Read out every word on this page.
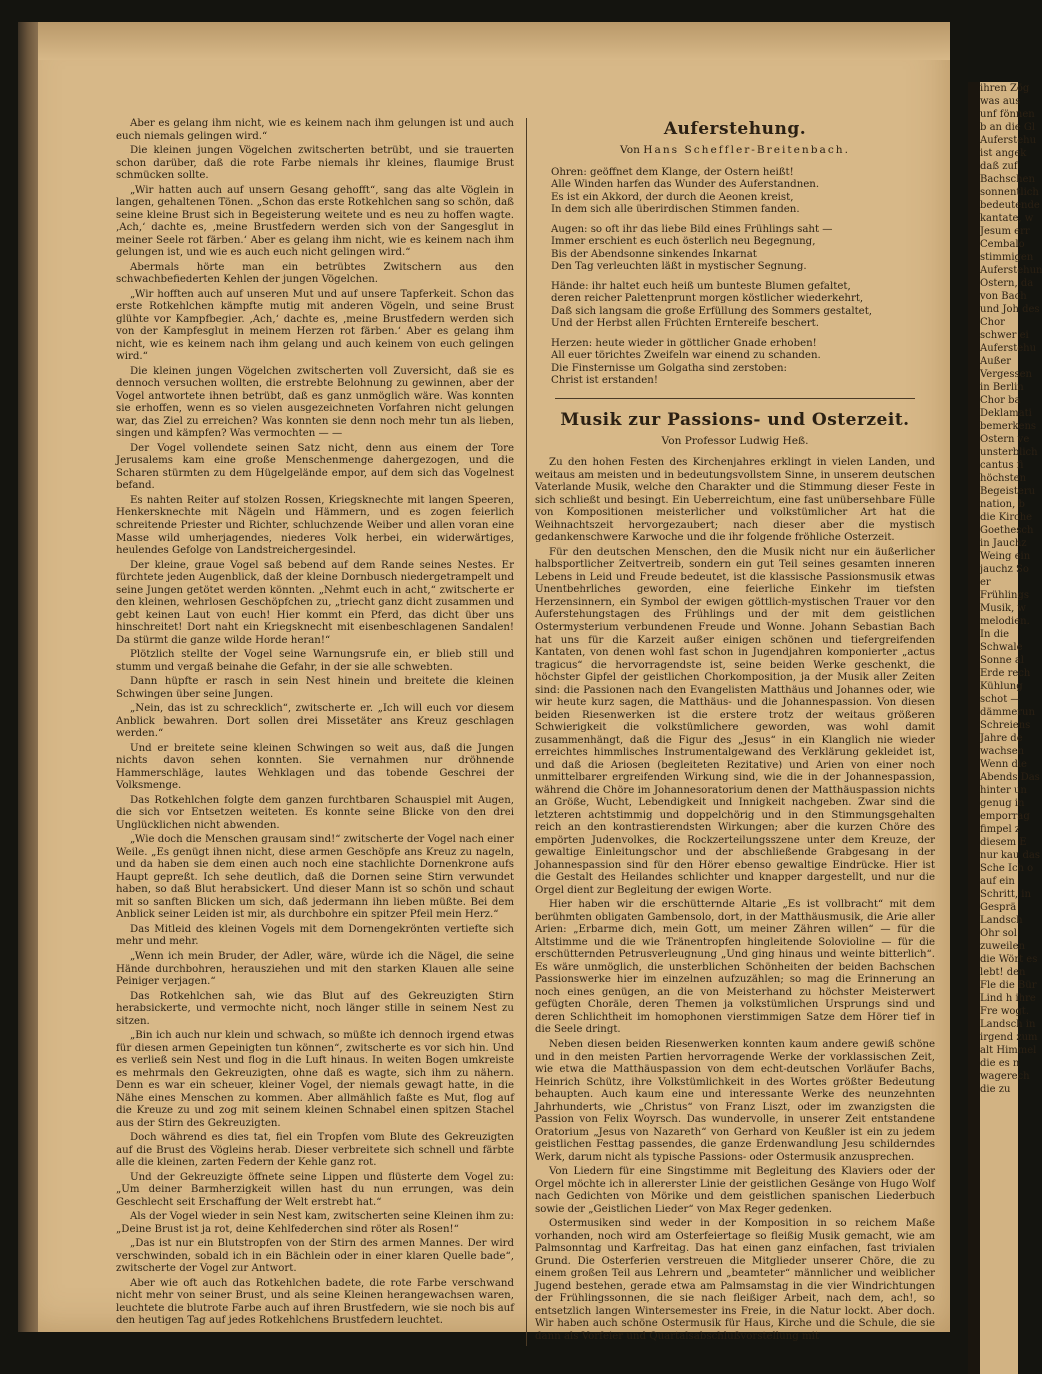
Aber es gelang ihm nicht, wie es keinem nach ihm gelungen ist und auch euch niemals gelingen wird.“

Die kleinen jungen Vögelchen zwitscherten betrübt, und sie trauerten schon darüber, daß die rote Farbe niemals ihr kleines, flaumige Brust schmücken sollte.

„Wir hatten auch auf unsern Gesang gehofft“, sang das alte Vöglein in langen, gehaltenen Tönen. „Schon das erste Rotkehlchen sang so schön, daß seine kleine Brust sich in Begeisterung weitete und es neu zu hoffen wagte. ‚Ach,‘ dachte es, ‚meine Brustfedern werden sich von der Sangesglut in meiner Seele rot färben.‘ Aber es gelang ihm nicht, wie es keinem nach ihm gelungen ist, und wie es auch euch nicht gelingen wird.“

Abermals hörte man ein betrübtes Zwitschern aus den schwachbefiederten Kehlen der jungen Vögelchen.

„Wir hofften auch auf unseren Mut und auf unsere Tapferkeit. Schon das erste Rotkehlchen kämpfte mutig mit anderen Vögeln, und seine Brust glühte vor Kampfbegier. ‚Ach,‘ dachte es, ‚meine Brustfedern werden sich von der Kampfesglut in meinem Herzen rot färben.‘ Aber es gelang ihm nicht, wie es keinem nach ihm gelang und auch keinem von euch gelingen wird.“

Die kleinen jungen Vögelchen zwitscherten voll Zuversicht, daß sie es dennoch versuchen wollten, die erstrebte Belohnung zu gewinnen, aber der Vogel antwortete ihnen betrübt, daß es ganz unmöglich wäre. Was konnten sie erhoffen, wenn es so vielen ausgezeichneten Vorfahren nicht gelungen war, das Ziel zu erreichen? Was konnten sie denn noch mehr tun als lieben, singen und kämpfen? Was vermochten — —

Der Vogel vollendete seinen Satz nicht, denn aus einem der Tore Jerusalems kam eine große Menschenmenge dahergezogen, und die Scharen stürmten zu dem Hügelgelände empor, auf dem sich das Vogelnest befand.

Es nahten Reiter auf stolzen Rossen, Kriegsknechte mit langen Speeren, Henkersknechte mit Nägeln und Hämmern, und es zogen feierlich schreitende Priester und Richter, schluchzende Weiber und allen voran eine Masse wild umherjagendes, niederes Volk herbei, ein widerwärtiges, heulendes Gefolge von Landstreichergesindel.

Der kleine, graue Vogel saß bebend auf dem Rande seines Nestes. Er fürchtete jeden Augenblick, daß der kleine Dornbusch niedergetrampelt und seine Jungen getötet werden könnten. „Nehmt euch in acht,“ zwitscherte er den kleinen, wehrlosen Geschöpfchen zu, „triecht ganz dicht zusammen und gebt keinen Laut von euch! Hier kommt ein Pferd, das dicht über uns hinschreitet! Dort naht ein Kriegsknecht mit eisenbeschlagenen Sandalen! Da stürmt die ganze wilde Horde heran!“

Plötzlich stellte der Vogel seine Warnungsrufe ein, er blieb still und stumm und vergaß beinahe die Gefahr, in der sie alle schwebten.

Dann hüpfte er rasch in sein Nest hinein und breitete die kleinen Schwingen über seine Jungen.

„Nein, das ist zu schrecklich“, zwitscherte er. „Ich will euch vor diesem Anblick bewahren. Dort sollen drei Missetäter ans Kreuz geschlagen werden.“

Und er breitete seine kleinen Schwingen so weit aus, daß die Jungen nichts davon sehen konnten. Sie vernahmen nur dröhnende Hammerschläge, lautes Wehklagen und das tobende Geschrei der Volksmenge.

Das Rotkehlchen folgte dem ganzen furchtbaren Schauspiel mit Augen, die sich vor Entsetzen weiteten. Es konnte seine Blicke von den drei Unglücklichen nicht abwenden.

„Wie doch die Menschen grausam sind!“ zwitscherte der Vogel nach einer Weile. „Es genügt ihnen nicht, diese armen Geschöpfe ans Kreuz zu nageln, und da haben sie dem einen auch noch eine stachlichte Dornenkrone aufs Haupt gepreßt. Ich sehe deutlich, daß die Dornen seine Stirn verwundet haben, so daß Blut herabsickert. Und dieser Mann ist so schön und schaut mit so sanften Blicken um sich, daß jedermann ihn lieben müßte. Bei dem Anblick seiner Leiden ist mir, als durchbohre ein spitzer Pfeil mein Herz.“

Das Mitleid des kleinen Vogels mit dem Dornengekrönten vertiefte sich mehr und mehr.

„Wenn ich mein Bruder, der Adler, wäre, würde ich die Nägel, die seine Hände durchbohren, herausziehen und mit den starken Klauen alle seine Peiniger verjagen.“

Das Rotkehlchen sah, wie das Blut auf des Gekreuzigten Stirn herabsickerte, und vermochte nicht, noch länger stille in seinem Nest zu sitzen.

„Bin ich auch nur klein und schwach, so müßte ich dennoch irgend etwas für diesen armen Gepeinigten tun können“, zwitscherte es vor sich hin. Und es verließ sein Nest und flog in die Luft hinaus. In weiten Bogen umkreiste es mehrmals den Gekreuzigten, ohne daß es wagte, sich ihm zu nähern. Denn es war ein scheuer, kleiner Vogel, der niemals gewagt hatte, in die Nähe eines Menschen zu kommen. Aber allmählich faßte es Mut, flog auf die Kreuze zu und zog mit seinem kleinen Schnabel einen spitzen Stachel aus der Stirn des Gekreuzigten.

Doch während es dies tat, fiel ein Tropfen vom Blute des Gekreuzigten auf die Brust des Vögleins herab. Dieser verbreitete sich schnell und färbte alle die kleinen, zarten Federn der Kehle ganz rot.

Und der Gekreuzigte öffnete seine Lippen und flüsterte dem Vogel zu: „Um deiner Barmherzigkeit willen hast du nun errungen, was dein Geschlecht seit Erschaffung der Welt erstrebt hat.“

Als der Vogel wieder in sein Nest kam, zwitscherten seine Kleinen ihm zu: „Deine Brust ist ja rot, deine Kehlfederchen sind röter als Rosen!“

„Das ist nur ein Blutstropfen von der Stirn des armen Mannes. Der wird verschwinden, sobald ich in ein Bächlein oder in einer klaren Quelle bade“, zwitscherte der Vogel zur Antwort.

Aber wie oft auch das Rotkehlchen badete, die rote Farbe verschwand nicht mehr von seiner Brust, und als seine Kleinen herangewachsen waren, leuchtete die blutrote Farbe auch auf ihren Brustfedern, wie sie noch bis auf den heutigen Tag auf jedes Rotkehlchens Brustfedern leuchtet.

Auferstehung.
Von Hans Scheffler-Breitenbach.
Ohren: geöffnet dem Klange, der Ostern heißt!
Alle Winden harfen das Wunder des Auferstandnen.
Es ist ein Akkord, der durch die Aeonen kreist,
In dem sich alle überirdischen Stimmen fanden.
Augen: so oft ihr das liebe Bild eines Frühlings saht —
Immer erschient es euch österlich neu Begegnung,
Bis der Abendsonne sinkendes Inkarnat
Den Tag verleuchten läßt in mystischer Segnung.
Hände: ihr haltet euch heiß um bunteste Blumen gefaltet,
deren reicher Palettenprunt morgen köstlicher wiederkehrt,
Daß sich langsam die große Erfüllung des Sommers gestaltet,
Und der Herbst allen Früchten Erntereife beschert.
Herzen: heute wieder in göttlicher Gnade erhoben!
All euer törichtes Zweifeln war einend zu schanden.
Die Finsternisse um Golgatha sind zerstoben:
Christ ist erstanden!
Musik zur Passions- und Osterzeit.
Von Professor Ludwig Heß.

Zu den hohen Festen des Kirchenjahres erklingt in vielen Landen, und weitaus am meisten und in bedeutungsvollstem Sinne, in unserem deutschen Vaterlande Musik, welche den Charakter und die Stimmung dieser Feste in sich schließt und besingt. Ein Ueberreichtum, eine fast unübersehbare Fülle von Kompositionen meisterlicher und volkstümlicher Art hat die Weihnachtszeit hervorgezaubert; nach dieser aber die mystisch gedankenschwere Karwoche und die ihr folgende fröhliche Osterzeit.

Für den deutschen Menschen, den die Musik nicht nur ein äußerlicher halbsportlicher Zeitvertreib, sondern ein gut Teil seines gesamten inneren Lebens in Leid und Freude bedeutet, ist die klassische Passionsmusik etwas Unentbehrliches geworden, eine feierliche Einkehr im tiefsten Herzensinnern, ein Symbol der ewigen göttlich-mystischen Trauer vor den Auferstehungstagen des Frühlings und der mit dem geistlichen Ostermysterium verbundenen Freude und Wonne. Johann Sebastian Bach hat uns für die Karzeit außer einigen schönen und tiefergreifenden Kantaten, von denen wohl fast schon in Jugendjahren komponierter „actus tragicus“ die hervorragendste ist, seine beiden Werke geschenkt, die höchster Gipfel der geistlichen Chorkomposition, ja der Musik aller Zeiten sind: die Passionen nach den Evangelisten Matthäus und Johannes oder, wie wir heute kurz sagen, die Matthäus- und die Johannespassion. Von diesen beiden Riesenwerken ist die erstere trotz der weitaus größeren Schwierigkeit die volkstümlichere geworden, was wohl damit zusammenhängt, daß die Figur des „Jesus“ in ein Klanglich nie wieder erreichtes himmlisches Instrumentalgewand des Verklärung gekleidet ist, und daß die Ariosen (begleiteten Rezitative) und Arien von einer noch unmittelbarer ergreifenden Wirkung sind, wie die in der Johannespassion, während die Chöre im Johannesoratorium denen der Matthäuspassion nichts an Größe, Wucht, Lebendigkeit und Innigkeit nachgeben. Zwar sind die letzteren achtstimmig und doppelchörig und in den Stimmungsgehalten reich an den kontrastierendsten Wirkungen; aber die kurzen Chöre des empörten Judenvolkes, die Rockzerteilungsszene unter dem Kreuze, der gewaltige Einleitungschor und der abschließende Grabgesang in der Johannespassion sind für den Hörer ebenso gewaltige Eindrücke. Hier ist die Gestalt des Heilandes schlichter und knapper dargestellt, und nur die Orgel dient zur Begleitung der ewigen Worte.

Hier haben wir die erschütternde Altarie „Es ist vollbracht“ mit dem berühmten obligaten Gambensolo, dort, in der Matthäusmusik, die Arie aller Arien: „Erbarme dich, mein Gott, um meiner Zähren willen“ — für die Altstimme und die wie Tränentropfen hingleitende Solovioline — für die erschütternden Petrusverleugnung „Und ging hinaus und weinte bitterlich“. Es wäre unmöglich, die unsterblichen Schönheiten der beiden Bachschen Passionswerke hier im einzelnen aufzuzählen; so mag die Erinnerung an noch eines genügen, an die von Meisterhand zu höchster Meisterwert gefügten Choräle, deren Themen ja volkstümlichen Ursprungs sind und deren Schlichtheit im homophonen vierstimmigen Satze dem Hörer tief in die Seele dringt.

Neben diesen beiden Riesenwerken konnten kaum andere gewiß schöne und in den meisten Partien hervorragende Werke der vorklassischen Zeit, wie etwa die Matthäuspassion von dem echt-deutschen Vorläufer Bachs, Heinrich Schütz, ihre Volkstümlichkeit in des Wortes größter Bedeutung behaupten. Auch kaum eine und interessante Werke des neunzehnten Jahrhunderts, wie „Christus“ von Franz Liszt, oder im zwanzigsten die Passion von Felix Woyrsch. Das wundervolle, in unserer Zeit entstandene Oratorium „Jesus von Nazareth“ von Gerhard von Keußler ist ein zu jedem geistlichen Festtag passendes, die ganze Erdenwandlung Jesu schilderndes Werk, darum nicht als typische Passions- oder Ostermusik anzusprechen.

Von Liedern für eine Singstimme mit Begleitung des Klaviers oder der Orgel möchte ich in allererster Linie der geistlichen Gesänge von Hugo Wolf nach Gedichten von Mörike und dem geistlichen spanischen Liederbuch sowie der „Geistlichen Lieder“ von Max Reger gedenken.

Ostermusiken sind weder in der Komposition in so reichem Maße vorhanden, noch wird am Osterfeiertage so fleißig Musik gemacht, wie am Palmsonntag und Karfreitag. Das hat einen ganz einfachen, fast trivialen Grund. Die Osterferien verstreuen die Mitglieder unserer Chöre, die zu einem großen Teil aus Lehrern und „beamteter“ männlicher und weiblicher Jugend bestehen, gerade etwa am Palmsamstag in die vier Windrichtungen der Frühlingssonnen, die sie nach fleißiger Arbeit, nach dem, ach!, so entsetzlich langen Wintersemester ins Freie, in die Natur lockt. Aber doch. Wir haben auch schöne Ostermusik für Haus, Kirche und die Schule, die sie dann als Vorfeier und Quartalsabschlußvorstellung mit

ihren Zög was aus unf fönnen b an die Gl Auferstehu ist angek daß zuf Bachschen sonnentlich bedeutende kantate, w Jesum err Cembalo stimmigen Auferstehun Ostern, da von Bach und Joh des Chor schwer ei Auferstehu Außer Vergessen in Berlin Chor ba Deklamati bemerkens Ostern ve unsterblich cantus fi höchsten Begeisteru nation, b die Kirche Goethesch in Jauchz Weing ein jauchz So er Frühlings Musik, w melodien. In die Schwale Sonne al Erde rech Kühlung schot — dämmerun Schreiens Jahre de wachsen Wenn die Abends Das hinter un genug in emporrag fimpel z diesem E nur kau das Sche Ich o auf ein Schritt, in Gesprä Landsch Ohr sol zuweilen die Wört es lebt! den Fle die Bür Lind h ihre Fre wogt. Landsch in irgend zum alt Himmel die es n wagerech die zu
